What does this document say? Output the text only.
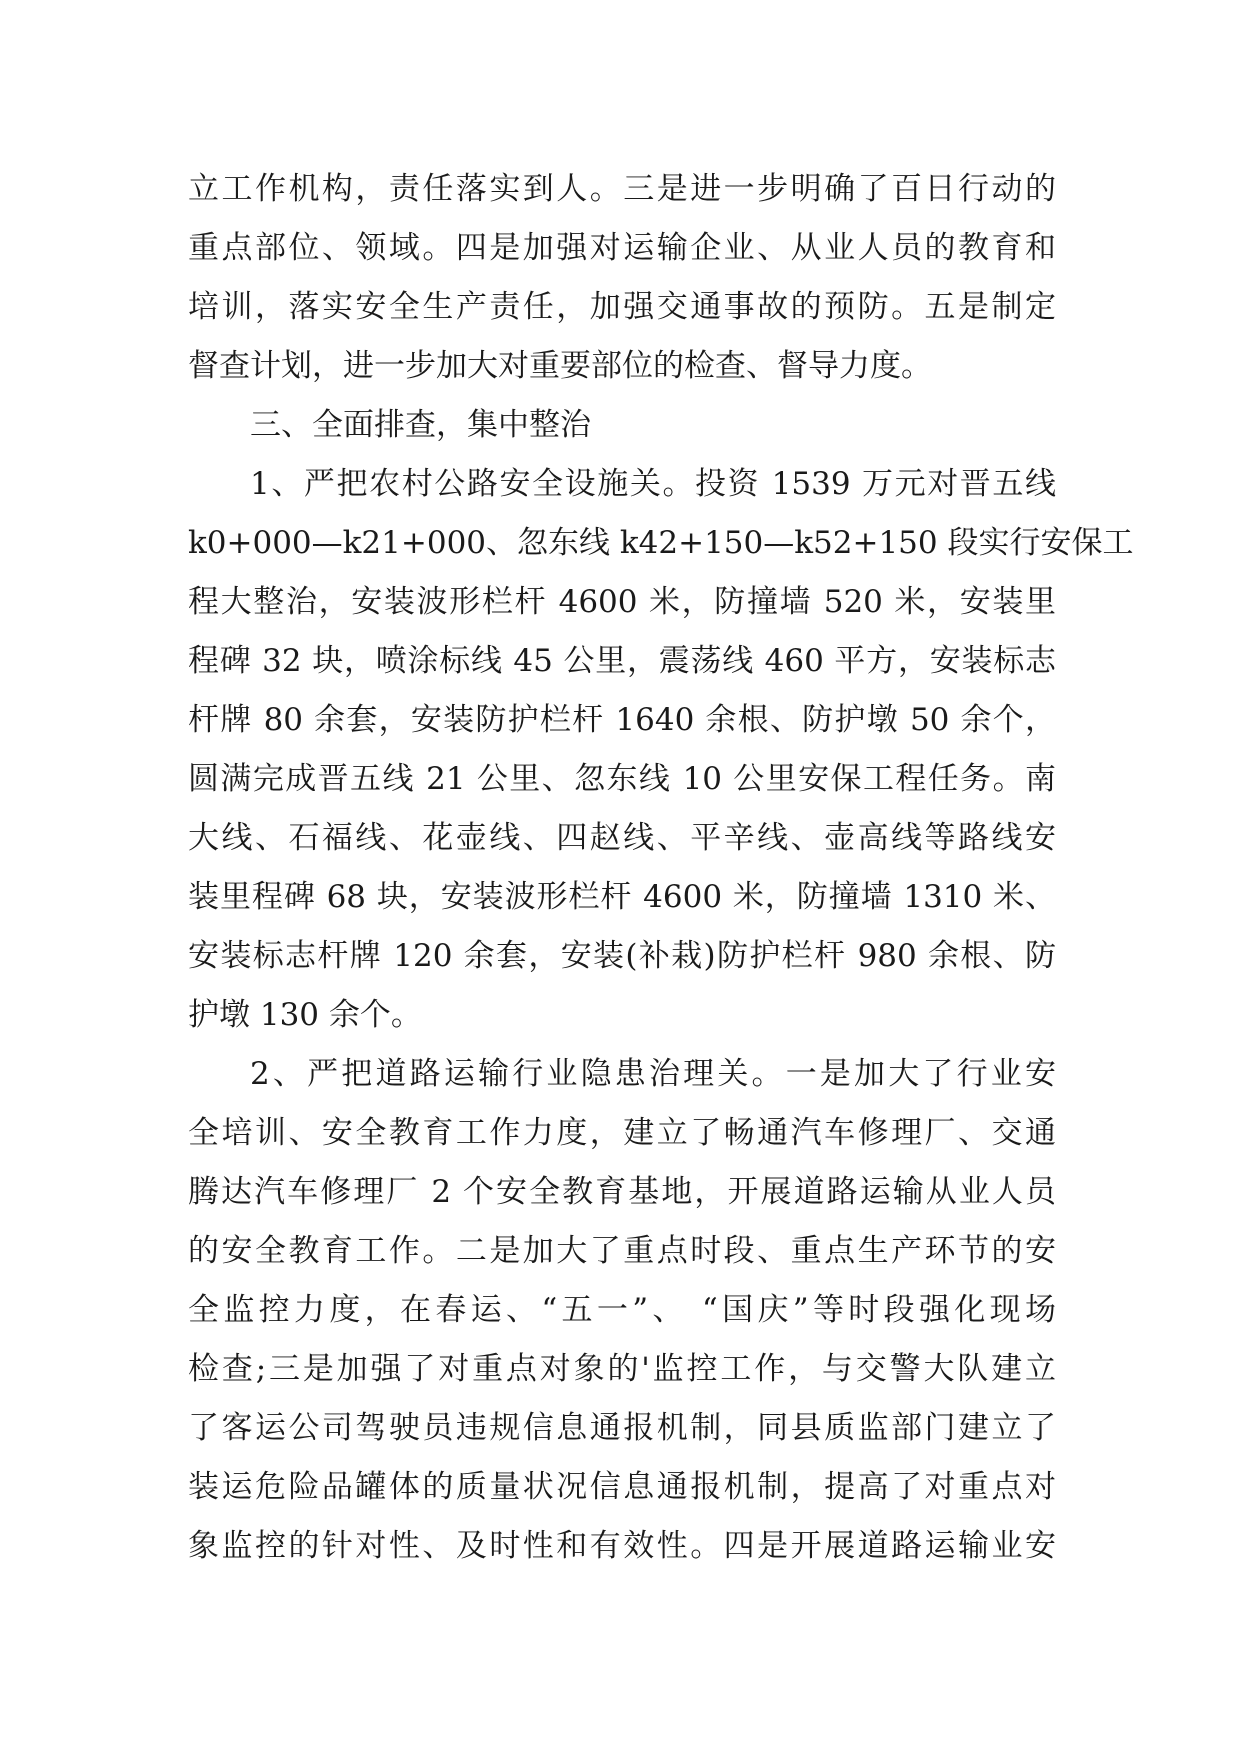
立工作机构，责任落实到人。三是进一步明确了百日行动的
重点部位、领域。四是加强对运输企业、从业人员的教育和
培训，落实安全生产责任，加强交通事故的预防。五是制定
督查计划，进一步加大对重要部位的检查、督导力度。
三、全面排查，集中整治
1、严把农村公路安全设施关。投资 1539 万元对晋五线
k0+000—k21+000、忽东线 k42+150—k52+150 段实行安保工
程大整治，安装波形栏杆 4600 米，防撞墙 520 米，安装里
程碑 32 块，喷涂标线 45 公里，震荡线 460 平方，安装标志
杆牌 80 余套，安装防护栏杆 1640 余根、防护墩 50 余个，
圆满完成晋五线 21 公里、忽东线 10 公里安保工程任务。南
大线、石福线、花壶线、四赵线、平辛线、壶高线等路线安
装里程碑 68 块，安装波形栏杆 4600 米，防撞墙 1310 米、
安装标志杆牌 120 余套，安装(补栽)防护栏杆 980 余根、防
护墩 130 余个。
2、严把道路运输行业隐患治理关。一是加大了行业安
全培训、安全教育工作力度，建立了畅通汽车修理厂、交通
腾达汽车修理厂 2 个安全教育基地，开展道路运输从业人员
的安全教育工作。二是加大了重点时段、重点生产环节的安
全监控力度，在春运、“五一”、 “国庆”等时段强化现场
检查;三是加强了对重点对象的'监控工作，与交警大队建立
了客运公司驾驶员违规信息通报机制，同县质监部门建立了
装运危险品罐体的质量状况信息通报机制，提高了对重点对
象监控的针对性、及时性和有效性。四是开展道路运输业安
